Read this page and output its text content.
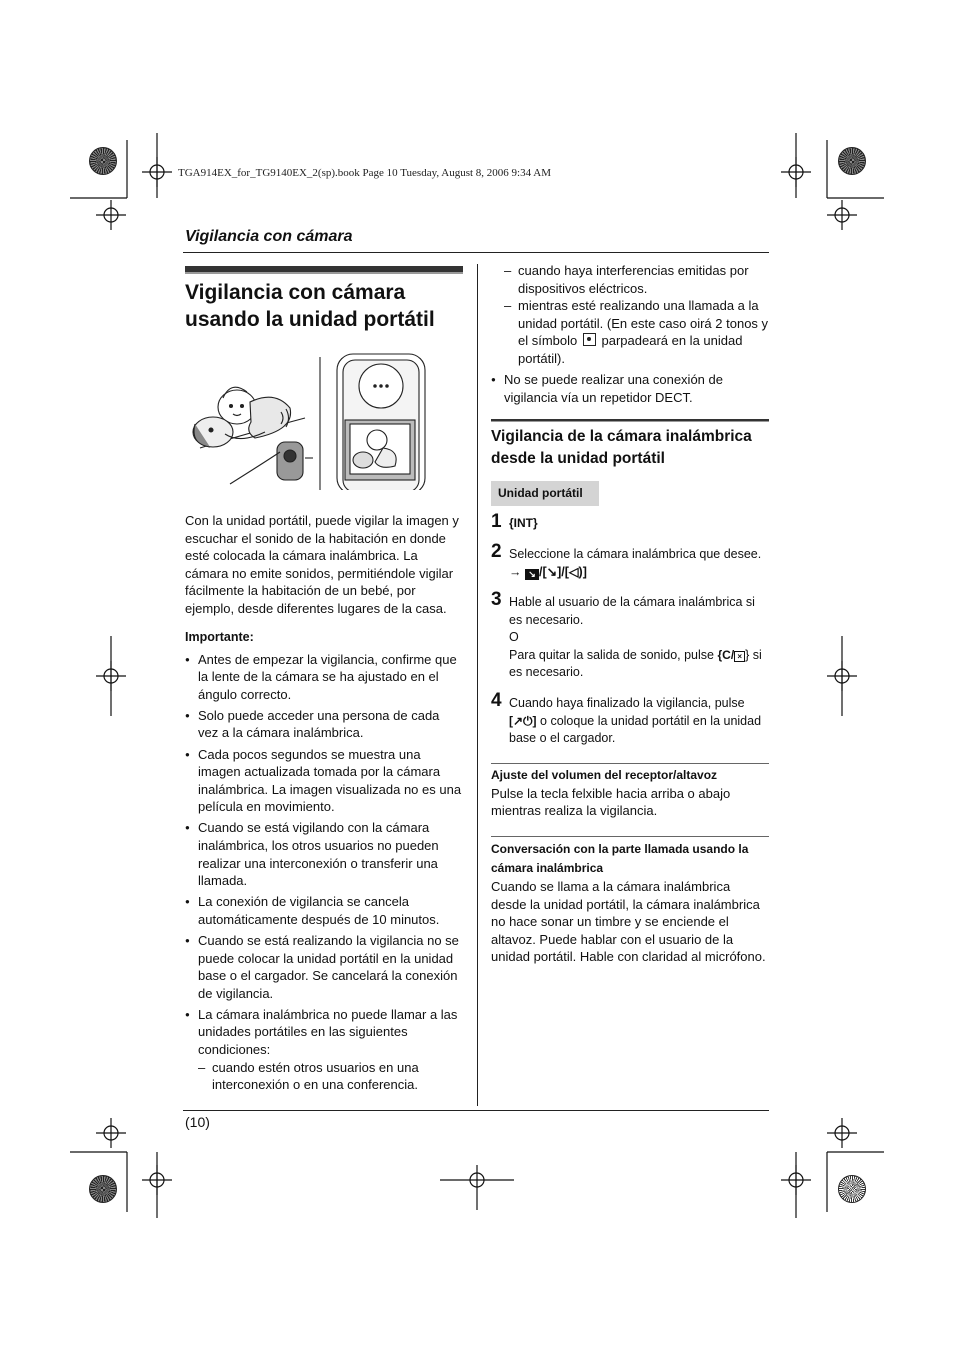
TGA914EX_for_TG9140EX_2(sp).book Page 10 Tuesday, August 8, 2006 9:34 AM
Vigilancia con cámara
Vigilancia con cámara
usando la unidad portátil
Con la unidad portátil, puede vigilar la imagen y escuchar el sonido de la habitación en donde esté colocada la cámara inalámbrica. La cámara no emite sonidos, permitiéndole vigilar fácilmente la habitación de un bebé, por ejemplo, desde diferentes lugares de la casa.
Importante:
● Antes de empezar la vigilancia, confirme que la lente de la cámara se ha ajustado en el ángulo correcto.
● Solo puede acceder una persona de cada vez a la cámara inalámbrica.
● Cada pocos segundos se muestra una imagen actualizada tomada por la cámara inalámbrica. La imagen visualizada no es una película en movimiento.
● Cuando se está vigilando con la cámara inalámbrica, los otros usuarios no pueden realizar una interconexión o transferir una llamada.
● La conexión de vigilancia se cancela automáticamente después de 10 minutos.
● Cuando se está realizando la vigilancia no se puede colocar la unidad portátil en la unidad base o el cargador. Se cancelará la conexión de vigilancia.
● La cámara inalámbrica no puede llamar a las unidades portátiles en las siguientes condiciones:
– cuando estén otros usuarios en una interconexión o en una conferencia.
– cuando haya interferencias emitidas por dispositivos eléctricos.
– mientras esté realizando una llamada a la unidad portátil. (En este caso oirá 2 tonos y el símbolo parpadeará en la unidad portátil).
● No se puede realizar una conexión de vigilancia vía un repetidor DECT.
Vigilancia de la cámara inalámbrica
desde la unidad portátil
Unidad portátil
1 {INT}
2 Seleccione la cámara inalámbrica que desee.
→ ↘ /[↘]/[◁)]
3 Hable al usuario de la cámara inalámbrica si es necesario.
O
Para quitar la salida de sonido, pulse {C/ × } si es necesario.
4 Cuando haya finalizado la vigilancia, pulse [↗⏻] o coloque la unidad portátil en la unidad base o el cargador.
Ajuste del volumen del receptor/altavoz
Pulse la tecla felxible hacia arriba o abajo mientras realiza la vigilancia.
Conversación con la parte llamada usando la cámara inalámbrica
Cuando se llama a la cámara inalámbrica desde la unidad portátil, la cámara inalámbrica no hace sonar un timbre y se enciende el altavoz. Puede hablar con el usuario de la unidad portátil. Hable con claridad al micrófono.
(10)
